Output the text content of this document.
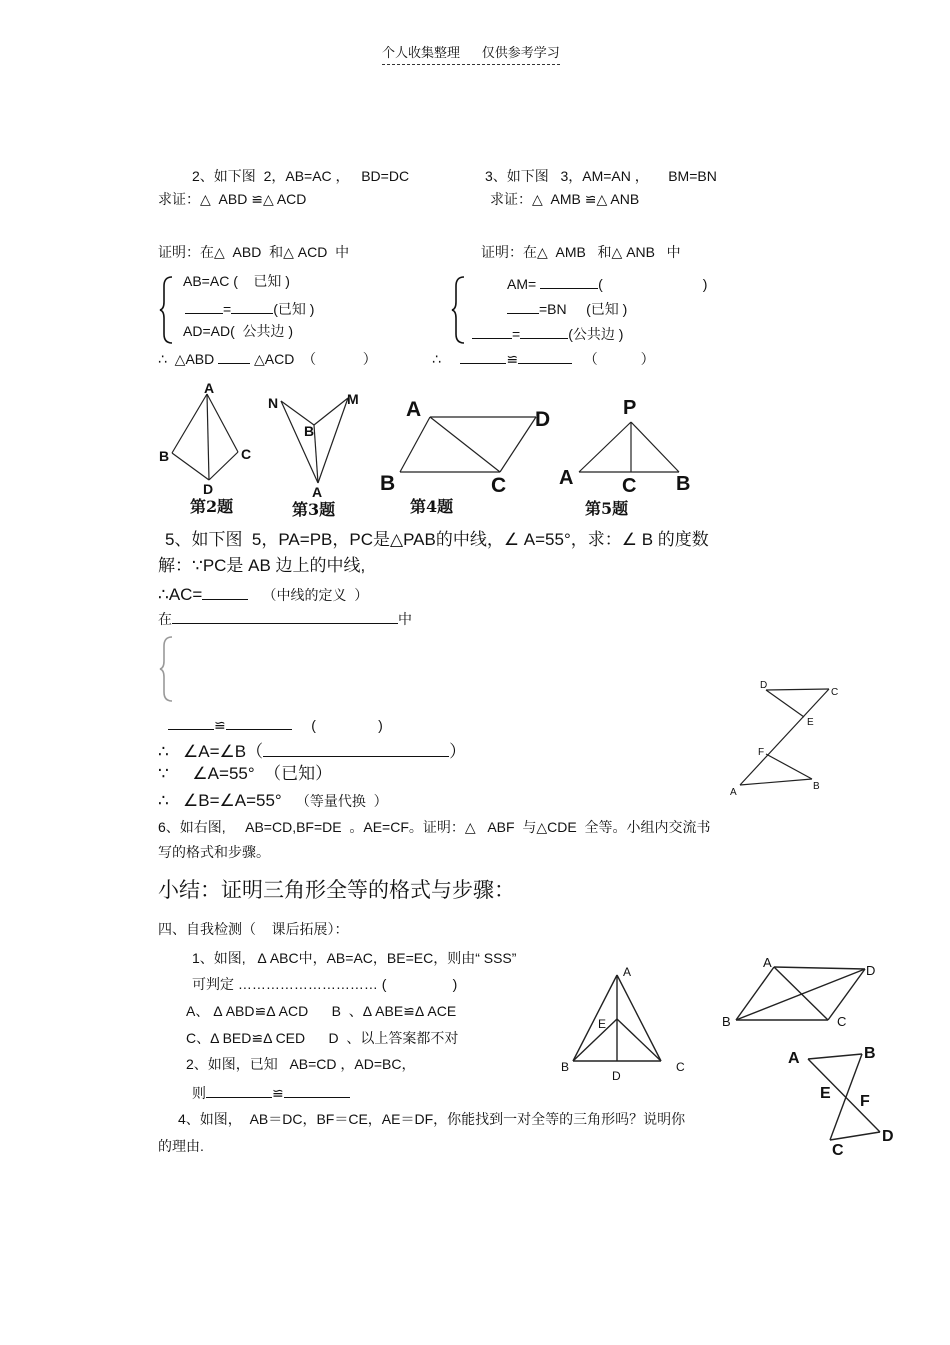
个人收集整理 仅供参考学习
2、如下图  2，AB=AC ，   BD=DC
求证：△  ABD ≌△ ACD
证明：在△  ABD  和△ ACD  中
AB=AC (    已知 )
=	(已知 )
AD=AD(  公共边 )
∴  △ABD	△ACD  （            ）
3、如下图   3，AM=AN ，     BM=BN
求证：△  AMB ≌△ ANB
证明：在△  AMB   和△ ANB   中
AM=	(	)
=BN     (已知 )
=	(公共边 )
∴	≌	（           ）
A
B	C
D
第2题
N
B
M
A
第3题
A	D
B	C
第4题
P
A C B
第5题
5、如下图  5，PA=PB，PC是△PAB的中线，∠ A=55°，求：∠ B 的度数
解：∵PC是 AB 边上的中线,
∴AC=	（中线的定义  ）
在	中
≌	(                )
∴   ∠A=∠B（	）
∵     ∠A=55°  （已知）
∴   ∠B=∠A=55° （等量代换  ）
D
C
E
F
A
B
6、如右图,     AB=CD,BF=DE  。AE=CF。证明：△   ABF  与△CDE  全等。小组内交流书
写的格式和步骤。
小结：证明三角形全等的格式与步骤：
四、自我检测（    课后拓展）：
1、如图,   Δ ABC中，AB=AC，BE=EC，则由“ SSS”
可判定 ………………………… (                 )
A、 Δ ABD≌Δ ACD      B  、Δ ABE≌Δ ACE
C、Δ BED≌Δ CED      D  、以上答案都不对
2、如图，已知   AB=CD ，AD=BC，
则	≌
4、如图，  AB＝DC，BF＝CE，AE＝DF，你能找到一对全等的三角形吗？说明你
的理由.
A
E
B
D
C
A
D
B	C
A	B
E F
C
D
